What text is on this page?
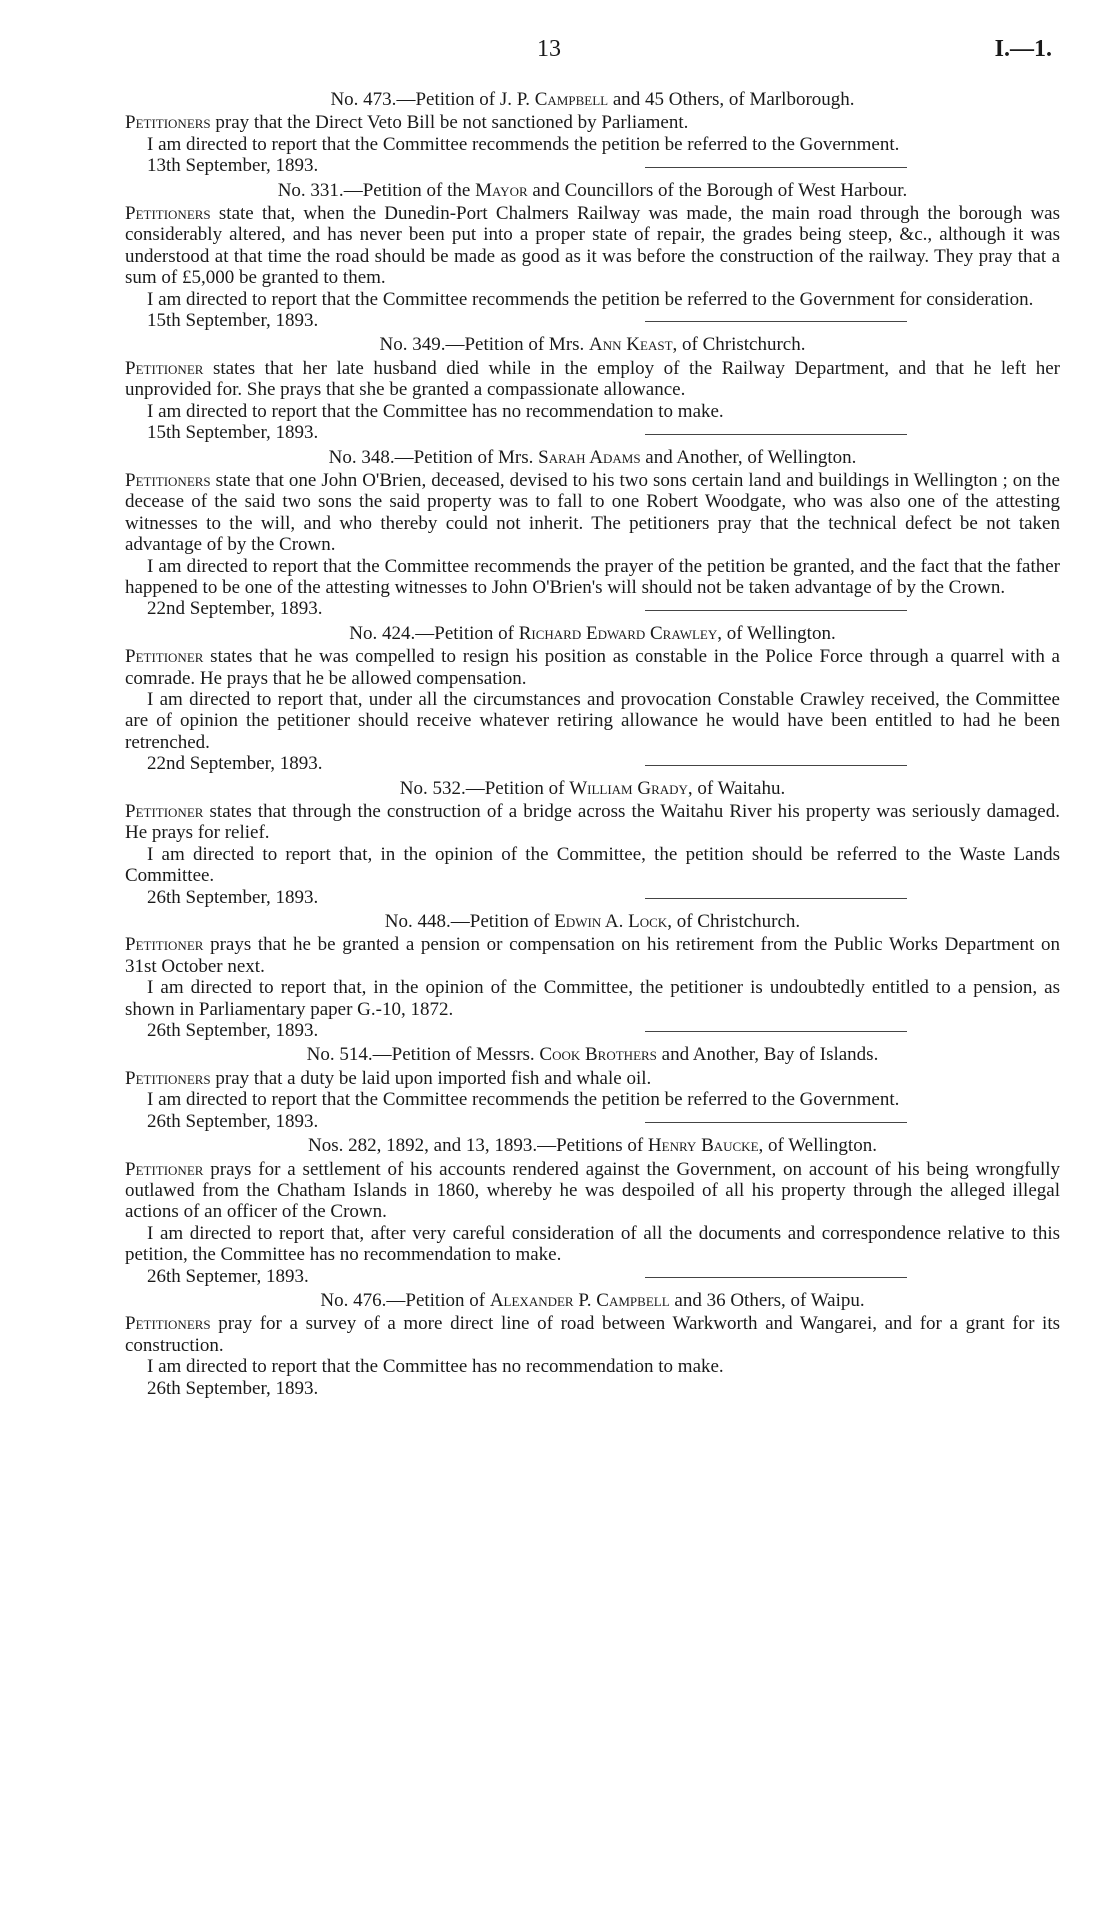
13	I.—1.
No. 473.—Petition of J. P. Campbell and 45 Others, of Marlborough.

Petitioners pray that the Direct Veto Bill be not sanctioned by Parliament.

I am directed to report that the Committee recommends the petition be referred to the Government.

13th September, 1893.
No. 331.—Petition of the Mayor and Councillors of the Borough of West Harbour.

Petitioners state that, when the Dunedin-Port Chalmers Railway was made, the main road through the borough was considerably altered, and has never been put into a proper state of repair, the grades being steep, &c., although it was understood at that time the road should be made as good as it was before the construction of the railway. They pray that a sum of £5,000 be granted to them.

I am directed to report that the Committee recommends the petition be referred to the Government for consideration.

15th September, 1893.
No. 349.—Petition of Mrs. Ann Keast, of Christchurch.

Petitioner states that her late husband died while in the employ of the Railway Department, and that he left her unprovided for. She prays that she be granted a compassionate allowance.

I am directed to report that the Committee has no recommendation to make.

15th September, 1893.
No. 348.—Petition of Mrs. Sarah Adams and Another, of Wellington.

Petitioners state that one John O'Brien, deceased, devised to his two sons certain land and buildings in Wellington ; on the decease of the said two sons the said property was to fall to one Robert Woodgate, who was also one of the attesting witnesses to the will, and who thereby could not inherit. The petitioners pray that the technical defect be not taken advantage of by the Crown.

I am directed to report that the Committee recommends the prayer of the petition be granted, and the fact that the father happened to be one of the attesting witnesses to John O'Brien's will should not be taken advantage of by the Crown.

22nd September, 1893.
No. 424.—Petition of Richard Edward Crawley, of Wellington.

Petitioner states that he was compelled to resign his position as constable in the Police Force through a quarrel with a comrade. He prays that he be allowed compensation.

I am directed to report that, under all the circumstances and provocation Constable Crawley received, the Committee are of opinion the petitioner should receive whatever retiring allowance he would have been entitled to had he been retrenched.

22nd September, 1893.
No. 532.—Petition of William Grady, of Waitahu.

Petitioner states that through the construction of a bridge across the Waitahu River his property was seriously damaged. He prays for relief.

I am directed to report that, in the opinion of the Committee, the petition should be referred to the Waste Lands Committee.

26th September, 1893.
No. 448.—Petition of Edwin A. Lock, of Christchurch.

Petitioner prays that he be granted a pension or compensation on his retirement from the Public Works Department on 31st October next.

I am directed to report that, in the opinion of the Committee, the petitioner is undoubtedly entitled to a pension, as shown in Parliamentary paper G.-10, 1872.

26th September, 1893.
No. 514.—Petition of Messrs. Cook Brothers and Another, Bay of Islands.

Petitioners pray that a duty be laid upon imported fish and whale oil.

I am directed to report that the Committee recommends the petition be referred to the Government.

26th September, 1893.
Nos. 282, 1892, and 13, 1893.—Petitions of Henry Baucke, of Wellington.

Petitioner prays for a settlement of his accounts rendered against the Government, on account of his being wrongfully outlawed from the Chatham Islands in 1860, whereby he was despoiled of all his property through the alleged illegal actions of an officer of the Crown.

I am directed to report that, after very careful consideration of all the documents and correspondence relative to this petition, the Committee has no recommendation to make.

26th Septemer, 1893.
No. 476.—Petition of Alexander P. Campbell and 36 Others, of Waipu.

Petitioners pray for a survey of a more direct line of road between Warkworth and Wangarei, and for a grant for its construction.

I am directed to report that the Committee has no recommendation to make.

26th September, 1893.
